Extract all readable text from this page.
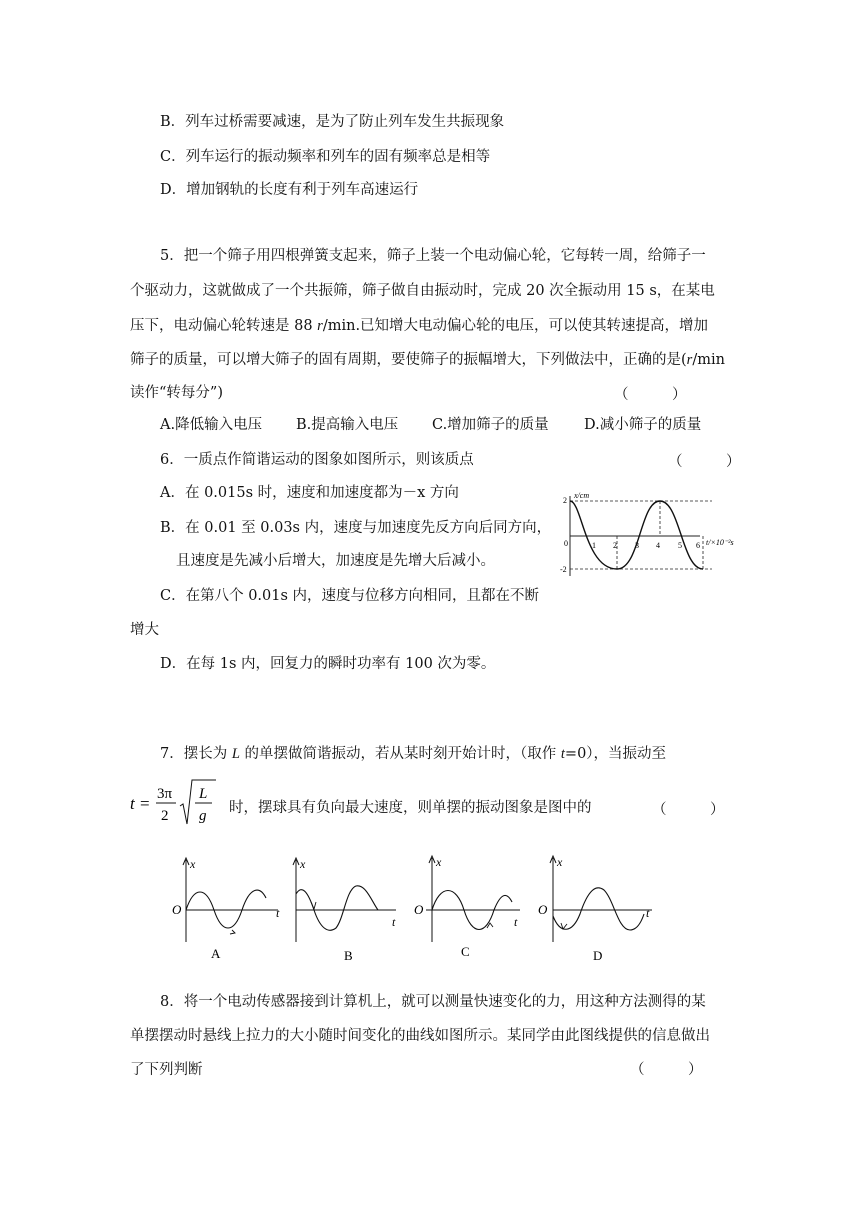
B．列车过桥需要减速，是为了防止列车发生共振现象
C．列车运行的振动频率和列车的固有频率总是相等
D．增加钢轨的长度有利于列车高速运行
5．把一个筛子用四根弹簧支起来，筛子上装一个电动偏心轮，它每转一周，给筛子一
个驱动力，这就做成了一个共振筛，筛子做自由振动时，完成 20 次全振动用 15 s，在某电
压下，电动偏心轮转速是 88 r/min.已知增大电动偏心轮的电压，可以使其转速提高，增加
筛子的质量，可以增大筛子的固有周期，要使筛子的振幅增大，下列做法中，正确的是(r/min
读作“转每分”)	（　　　）
A.降低输入电压 B.提高输入电压 C.增加筛子的质量 D.减小筛子的质量
6．一质点作简谐运动的图象如图所示，则该质点	（　　　）
A．在 0.015s 时，速度和加速度都为－x 方向
B．在 0.01 至 0.03s 内，速度与加速度先反方向后同方向，
且速度是先减小后增大，加速度是先增大后减小。
C．在第八个 0.01s 内，速度与位移方向相同，且都在不断
增大
D．在每 1s 内，回复力的瞬时功率有 100 次为零。
x/cm
t/×10⁻²s
0
2
-2
1 2 3 4 5 6
7．摆长为 L 的单摆做简谐振动，若从某时刻开始计时，（取作 t=0），当振动至
t = 3π
2
L
g 时，摆球具有负向最大速度，则单摆的振动图象是图中的	（　　　）
x
O	t
A
x
t
B
x
O
t
C
x
O	t
D
8．将一个电动传感器接到计算机上，就可以测量快速变化的力，用这种方法测得的某
单摆摆动时悬线上拉力的大小随时间变化的曲线如图所示。某同学由此图线提供的信息做出
了下列判断	（　　　）
